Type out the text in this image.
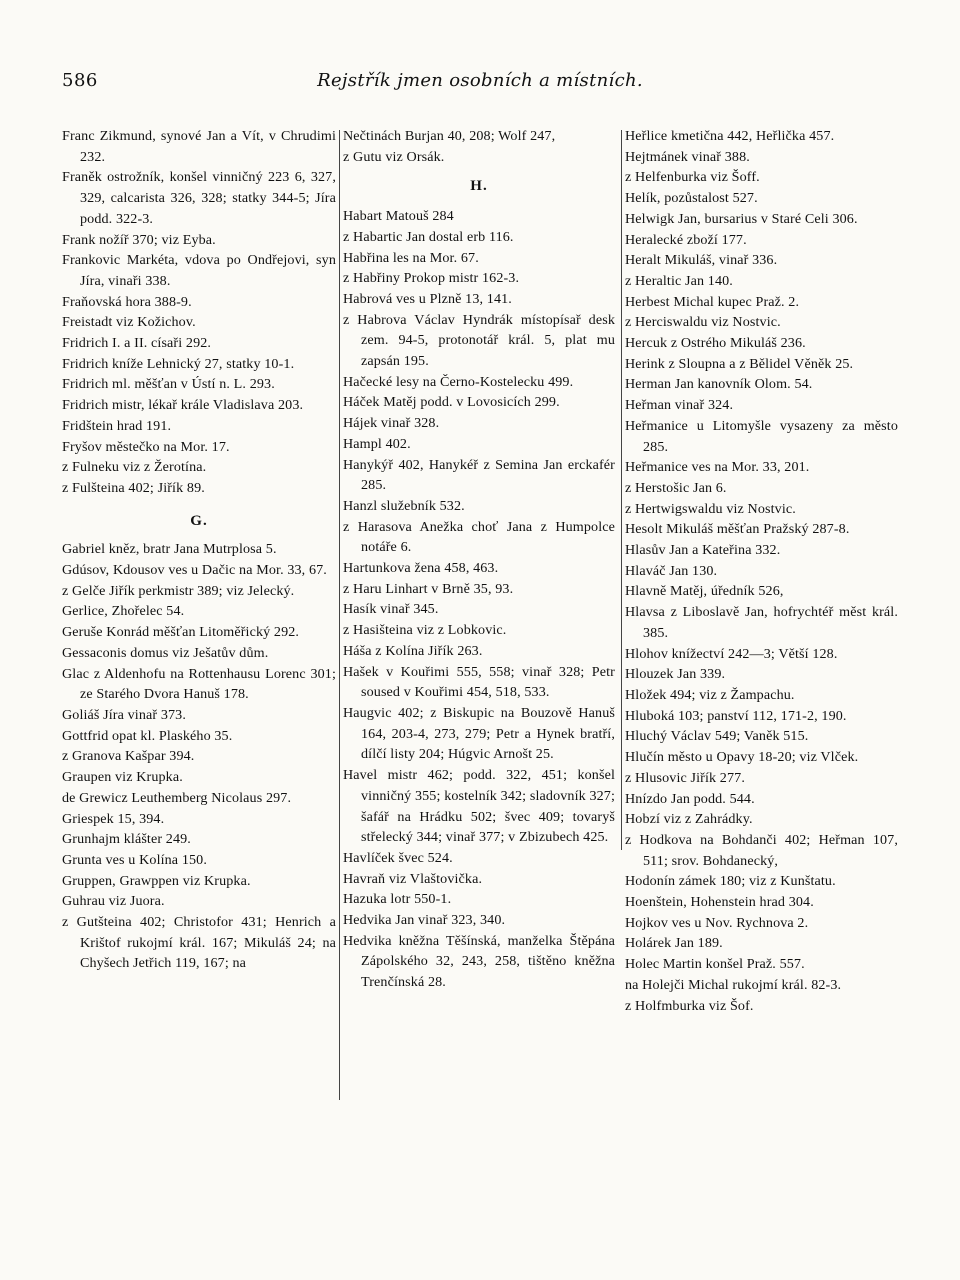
586	Rejstřík jmen osobních a místních.
Franc Zikmund, synové Jan a Vít, v Chrudimi 232.
Franěk ostrožník, konšel vinničný 223 6, 327, 329, calcarista 326, 328; statky 344-5; Jíra podd. 322-3.
Frank nožíř 370; viz Eyba.
Frankovic Markéta, vdova po Ondřejovi, syn Jíra, vinaři 338.
Fraňovská hora 388-9.
Freistadt viz Kožichov.
Fridrich I. a II. císaři 292.
Fridrich kníže Lehnický 27, statky 10-1.
Fridrich ml. měšťan v Ústí n. L. 293.
Fridrich mistr, lékař krále Vladislava 203.
Fridštein hrad 191.
Fryšov městečko na Mor. 17.
z Fulneku viz z Žerotína.
z Fulšteina 402; Jiřík 89.
G.
Gabriel kněz, bratr Jana Mutrplosa 5.
Gdúsov, Kdousov ves u Dačic na Mor. 33, 67.
z Gelče Jiřík perkmistr 389; viz Jelecký.
Gerlice, Zhořelec 54.
Geruše Konrád měšťan Litoměřický 292.
Gessaconis domus viz Ješatův dům.
Glac z Aldenhofu na Rottenhausu Lorenc 301; ze Starého Dvora Hanuš 178.
Goliáš Jíra vinař 373.
Gottfrid opat kl. Plaského 35.
z Granova Kašpar 394.
Graupen viz Krupka.
de Grewicz Leuthemberg Nicolaus 297.
Griespek 15, 394.
Grunhajm klášter 249.
Grunta ves u Kolína 150.
Gruppen, Grawppen viz Krupka.
Guhrau viz Juora.
z Gutšteina 402; Christofor 431; Henrich a Krištof rukojmí král. 167; Mikuláš 24; na Chyšech Jetřich 119, 167; na
Nečtinách Burjan 40, 208; Wolf 247,
z Gutu viz Orsák.
H.
Habart Matouš 284
z Habartic Jan dostal erb 116.
Habřina les na Mor. 67.
z Habřiny Prokop mistr 162-3.
Habrová ves u Plzně 13, 141.
z Habrova Václav Hyndrák místopísař desk zem. 94-5, protonotář král. 5, plat mu zapsán 195.
Hačecké lesy na Černo-Kostelecku 499.
Háček Matěj podd. v Lovosicích 299.
Hájek vinař 328.
Hampl 402.
Hanykýř 402, Hanykéř z Semina Jan erckafér 285.
Hanzl služebník 532.
z Harasova Anežka choť Jana z Humpolce notáře 6.
Hartunkova žena 458, 463.
z Haru Linhart v Brně 35, 93.
Hasík vinař 345.
z Hasišteina viz z Lobkovic.
Háša z Kolína Jiřík 263.
Hašek v Kouřimi 555, 558; vinař 328; Petr soused v Kouřimi 454, 518, 533.
Haugvic 402; z Biskupic na Bouzově Hanuš 164, 203-4, 273, 279; Petr a Hynek bratří, dílčí listy 204; Húgvic Arnošt 25.
Havel mistr 462; podd. 322, 451; konšel vinničný 355; kostelník 342; sladovník 327; šafář na Hrádku 502; švec 409; tovaryš střelecký 344; vinař 377; v Zbizubech 425.
Havlíček švec 524.
Havraň viz Vlaštovička.
Hazuka lotr 550-1.
Hedvika Jan vinař 323, 340.
Hedvika kněžna Těšínská, manželka Štěpána Zápolského 32, 243, 258, tištěno kněžna Trenčínská 28.
Heřlice kmetična 442, Heřlička 457.
Hejtmánek vinař 388.
z Helfenburka viz Šoff.
Helík, pozůstalost 527.
Helwigk Jan, bursarius v Staré Celi 306.
Heralecké zboží 177.
Heralt Mikuláš, vinař 336.
z Heraltic Jan 140.
Herbest Michal kupec Praž. 2.
z Herciswaldu viz Nostvic.
Hercuk z Ostrého Mikuláš 236.
Herink z Sloupna a z Bělidel Věněk 25.
Herman Jan kanovník Olom. 54.
Heřman vinař 324.
Heřmanice u Litomyšle vysazeny za město 285.
Heřmanice ves na Mor. 33, 201.
z Herstošic Jan 6.
z Hertwigswaldu viz Nostvic.
Hesolt Mikuláš měšťan Pražský 287-8.
Hlasův Jan a Kateřina 332.
Hlaváč Jan 130.
Hlavně Matěj, úředník 526,
Hlavsa z Liboslavě Jan, hofrychtéř měst král. 385.
Hlohov knížectví 242—3; Větší 128.
Hlouzek Jan 339.
Hložek 494; viz z Žampachu.
Hluboká 103; panství 112, 171-2, 190.
Hluchý Václav 549; Vaněk 515.
Hlučín město u Opavy 18-20; viz Vlček.
z Hlusovic Jiřík 277.
Hnízdo Jan podd. 544.
Hobzí viz z Zahrádky.
z Hodkova na Bohdanči 402; Heřman 107, 511; srov. Bohdanecký,
Hodonín zámek 180; viz z Kunštatu.
Hoenštein, Hohenstein hrad 304.
Hojkov ves u Nov. Rychnova 2.
Holárek Jan 189.
Holec Martin konšel Praž. 557.
na Holejči Michal rukojmí král. 82-3.
z Holfmburka viz Šof.
